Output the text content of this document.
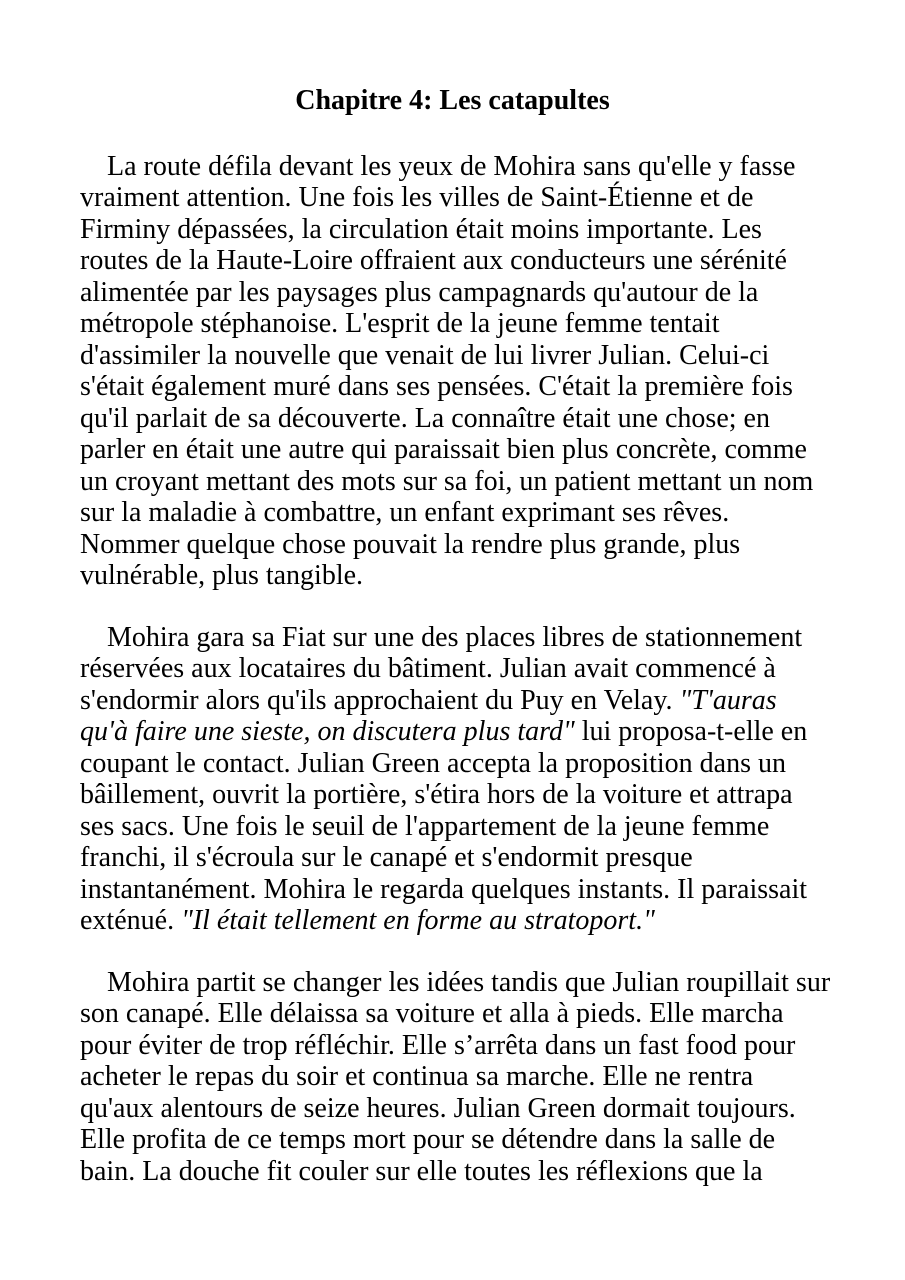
Chapitre 4: Les catapultes
La route défila devant les yeux de Mohira sans qu'elle y fasse
vraiment attention. Une fois les villes de Saint-Étienne et de
Firminy dépassées, la circulation était moins importante. Les
routes de la Haute-Loire offraient aux conducteurs une sérénité
alimentée par les paysages plus campagnards qu'autour de la
métropole stéphanoise. L'esprit de la jeune femme tentait
d'assimiler la nouvelle que venait de lui livrer Julian. Celui-ci
s'était également muré dans ses pensées. C'était la première fois
qu'il parlait de sa découverte. La connaître était une chose; en
parler en était une autre qui paraissait bien plus concrète, comme
un croyant mettant des mots sur sa foi, un patient mettant un nom
sur la maladie à combattre, un enfant exprimant ses rêves.
Nommer quelque chose pouvait la rendre plus grande, plus
vulnérable, plus tangible.
Mohira gara sa Fiat sur une des places libres de stationnement
réservées aux locataires du bâtiment. Julian avait commencé à
s'endormir alors qu'ils approchaient du Puy en Velay. "T'auras
qu'à faire une sieste, on discutera plus tard" lui proposa-t-elle en
coupant le contact. Julian Green accepta la proposition dans un
bâillement, ouvrit la portière, s'étira hors de la voiture et attrapa
ses sacs. Une fois le seuil de l'appartement de la jeune femme
franchi, il s'écroula sur le canapé et s'endormit presque
instantanément. Mohira le regarda quelques instants. Il paraissait
exténué. "Il était tellement en forme au stratoport."
Mohira partit se changer les idées tandis que Julian roupillait sur
son canapé. Elle délaissa sa voiture et alla à pieds. Elle marcha
pour éviter de trop réfléchir. Elle s’arrêta dans un fast food pour
acheter le repas du soir et continua sa marche. Elle ne rentra
qu'aux alentours de seize heures. Julian Green dormait toujours.
Elle profita de ce temps mort pour se détendre dans la salle de
bain. La douche fit couler sur elle toutes les réflexions que la
